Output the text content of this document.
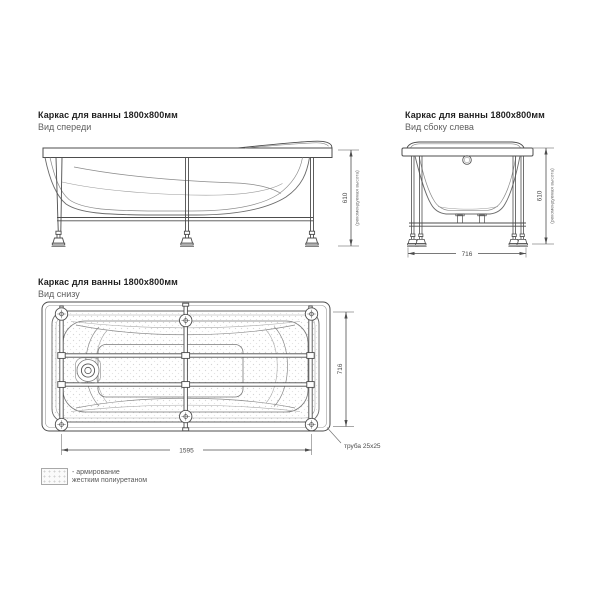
Каркас для ванны 1800x800мм
Вид спереди
610 (рекомендуемая высота)
Каркас для ванны 1800x800мм
Вид сбоку слева
716
610 (рекомендуемая высота)
Каркас для ванны 1800x800мм
Вид снизу
716
1595
труба 25х25
- армирование
жестким полиуретаном
